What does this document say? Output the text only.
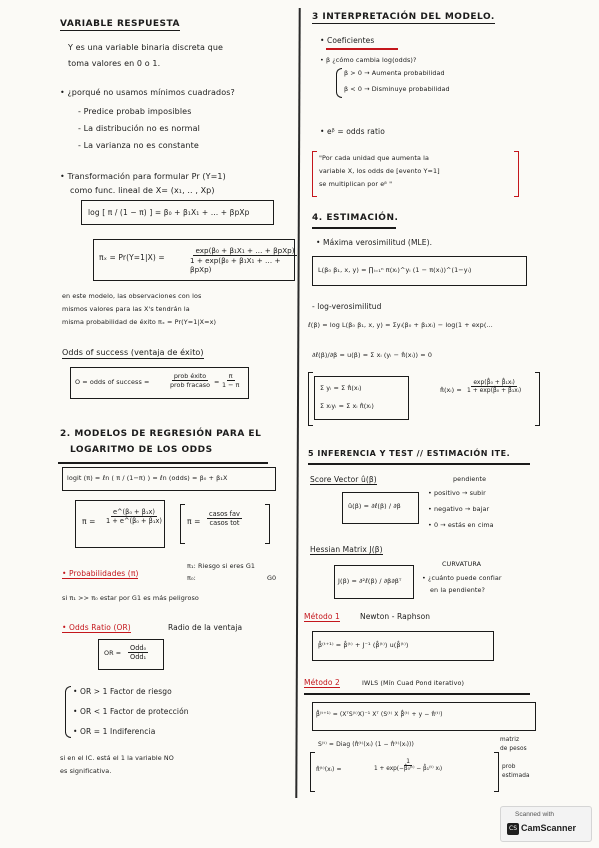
VARIABLE RESPUESTA
Y es una variable binaria discreta que
toma valores en 0 o 1.
• ¿porqué no usamos mínimos cuadrados?
- Predice probab imposibles
- La distribución no es normal
- La varianza no es constante
• Transformación para formular Pr (Y=1)
como func. lineal de X= (x₁, .. , Xp)
log [ π / (1 − π) ] = β₀ + β₁X₁ + … + βpXp
πₓ = Pr(Y=1|X) =
exp(β₀ + β₁X₁ + … + βpXp)
1 + exp(β₀ + β₁X₁ + … + βpXp)
en este modelo, las observaciones con los
mismos valores para las X's tendrán la
misma probabilidad de éxito πₓ = Pr(Y=1|X=x)
Odds of success (ventaja de éxito)
O = odds of success =
prob éxito
prob fracaso = $\frac{\pi}{1 - \pi}$
2. MODELOS DE REGRESIÓN PARA EL
LOGARITMO DE LOS ODDS
logit (π) = ℓn ( π / (1−π) ) = ℓn (odds) = β₀ + β₁X
$\pi = \frac{\text{e\textasciicircum{}(β₀ + β₁x)}}{\text{1 + e\textasciicircum{}(β₀ + β₁x)}}$	π =
casos fav
casos tot
• Probabilidades (π)
π₁: Riesgo si eres G1
π₀:	G0
si π₁ >> π₀ estar por G1 es más peligroso
• Odds Ratio (OR)	Radio de la ventaja
OR =
Odd₀
Odd₁
• OR > 1 Factor de riesgo
• OR < 1 Factor de protección
• OR = 1 Indiferencia
si en el IC. está el 1 la variable NO
es significativa.
3 INTERPRETACIÓN DEL MODELO.
• Coeficientes
• β ¿cómo cambia log(odds)?
β > 0 → Aumenta probabilidad
β < 0 → Disminuye probabilidad
• eᵝ = odds ratio
"Por cada unidad que aumenta la
variable X, los odds de [evento Y=1]
se multiplican por eᵝ "
4. ESTIMACIÓN.
• Máxima verosimilitud (MLE).
L(β₀ β₁, x, y) = ∏ᵢ₌₁ⁿ π(xᵢ)^yᵢ (1 − π(xᵢ))^(1−yᵢ)
- log-verosimilitud
ℓ(β) = log L(β₀ β₁, x, y) = Σyᵢ(β₀ + β₁xᵢ) − log(1 + exp(…
∂ℓ(β)/∂β = u(β) = Σ xᵢ (yᵢ − π̂(xᵢ)) = 0
Σ yᵢ = Σ π̂(xᵢ)
Σ xᵢyᵢ = Σ xᵢ π̂(xᵢ)
π̂(xᵢ) = $\frac{\text{exp(β̂₀ + β̂₁xᵢ)}}{\text{1 + exp(β̂₀ + β̂₁xᵢ)}}$
5 INFERENCIA Y TEST // ESTIMACIÓN ITE.
Score Vector û(β)
û(β) = ∂ℓ(β) / ∂β
pendiente
• positivo → subir
• negativo → bajar
• 0 → estás en cima
Hessian Matrix J(β)
J(β) = ∂²ℓ(β) / ∂β∂βᵀ
CURVATURA
• ¿cuánto puede confiar
en la pendiente?
Método 1	Newton - Raphson
β̂⁽ᵗ⁺¹⁾ = β̂⁽ᵗ⁾ + J⁻¹ (β̂⁽ᵗ⁾) u(β̂⁽ᵗ⁾)
Método 2	IWLS (Mín Cuad Pond iterativo)
β̂⁽ᵗ⁺¹⁾ = (XᵀS⁽ᵗ⁾X)⁻¹ Xᵀ (S⁽ᵗ⁾ X β̂⁽ᵗ⁾ + y − π̂⁽ᵗ⁾)
S⁽ᵗ⁾ = Diag (π̂⁽ᵗ⁾(xᵢ) (1 − π̂⁽ᵗ⁾(xᵢ)))
matriz
de pesos
π̂⁽ᵗ⁾(xᵢ) =	$\frac{1}{\text{1 + exp(−β̂₀⁽ᵗ⁾ − β̂₁⁽ᵗ⁾ xᵢ)}}$	prob
estimada
Scanned with
CS CamScanner
